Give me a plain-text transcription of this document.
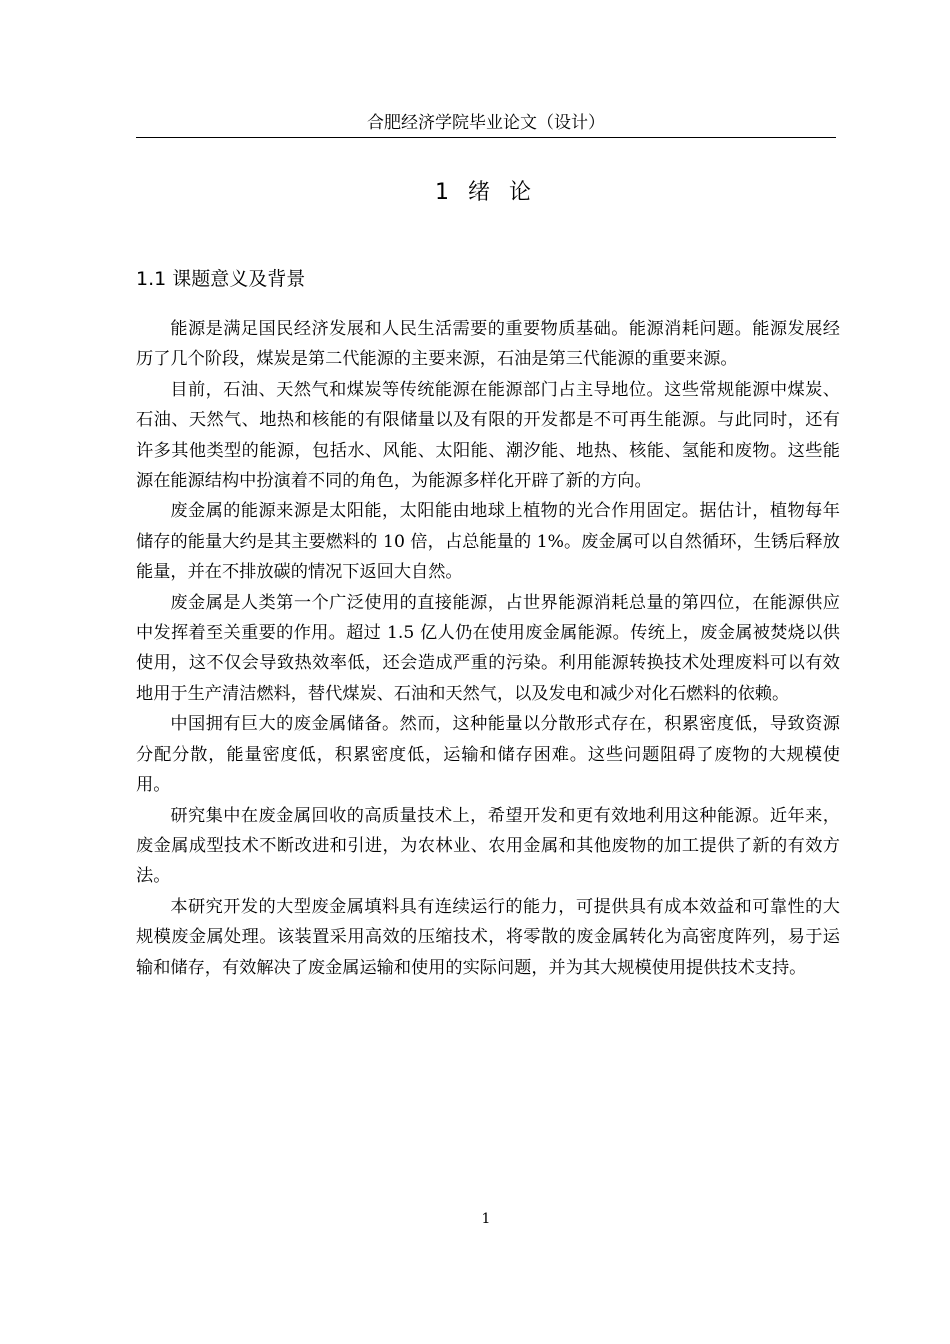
合肥经济学院毕业论文（设计）
1 绪 论
1.1 课题意义及背景

能源是满足国民经济发展和人民生活需要的重要物质基础。能源消耗问题。能源发展经历了几个阶段，煤炭是第二代能源的主要来源，石油是第三代能源的重要来源。

目前，石油、天然气和煤炭等传统能源在能源部门占主导地位。这些常规能源中煤炭、石油、天然气、地热和核能的有限储量以及有限的开发都是不可再生能源。与此同时，还有许多其他类型的能源，包括水、风能、太阳能、潮汐能、地热、核能、氢能和废物。这些能源在能源结构中扮演着不同的角色，为能源多样化开辟了新的方向。

废金属的能源来源是太阳能，太阳能由地球上植物的光合作用固定。据估计，植物每年储存的能量大约是其主要燃料的 10 倍，占总能量的 1%。废金属可以自然循环，生锈后释放能量，并在不排放碳的情况下返回大自然。

废金属是人类第一个广泛使用的直接能源，占世界能源消耗总量的第四位，在能源供应中发挥着至关重要的作用。超过 1.5 亿人仍在使用废金属能源。传统上，废金属被焚烧以供使用，这不仅会导致热效率低，还会造成严重的污染。利用能源转换技术处理废料可以有效地用于生产清洁燃料，替代煤炭、石油和天然气，以及发电和减少对化石燃料的依赖。

中国拥有巨大的废金属储备。然而，这种能量以分散形式存在，积累密度低，导致资源分配分散，能量密度低，积累密度低，运输和储存困难。这些问题阻碍了废物的大规模使用。

研究集中在废金属回收的高质量技术上，希望开发和更有效地利用这种能源。近年来，废金属成型技术不断改进和引进，为农林业、农用金属和其他废物的加工提供了新的有效方法。

本研究开发的大型废金属填料具有连续运行的能力，可提供具有成本效益和可靠性的大规模废金属处理。该装置采用高效的压缩技术，将零散的废金属转化为高密度阵列，易于运输和储存，有效解决了废金属运输和使用的实际问题，并为其大规模使用提供技术支持。

1
